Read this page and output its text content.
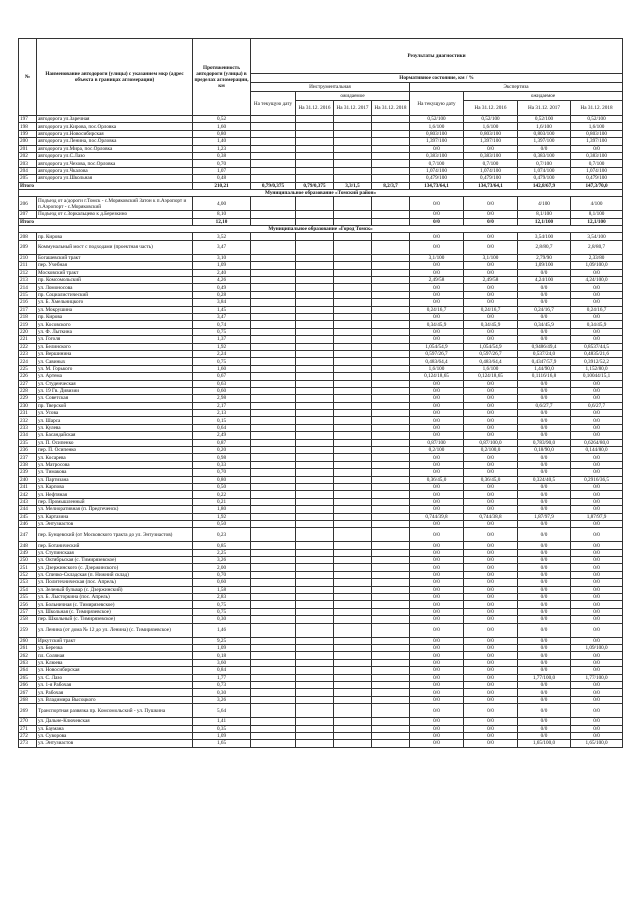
№	Наименование автодороги (улицы) с указанием мкр (адрес объекта в границах агломерации)	Протяженность автодороги (улицы) в пределах агломерации, км	Результаты диагностики							
			Нормативное состояние, км / %							
			Инструментальная				Экспертиза			
			На текущую дату	ожидаемое			На текущую дату	ожидаемое		
				На 31.12. 2016	На 31.12. 2017	На 31.12. 2018		На 31.12. 2016	На 31.12. 2017	На 31.12. 2018
197	автодорога ул.Заречная	0,52					0,52/100	0,52/100	0,52/100	0,52/100
198	автодорога ул.Кирова, пос.Орловка	1,60					1,6/100	1,6/100	1,6/100	1,6/100
199	автодорога ул.Новосибирская	0,80					0,803/100	0,803/100	0,803/100	0,803/100
200	автодорога ул.Ленина, пос.Орловка	1,40					1,397/100	1,397/100	1,397/100	1,397/100
201	автодорога ул.Мира, пос.Орловка	1,23					0/0	0/0	0/0	0/0
202	автодорога ул.С.Лазо	0,38					0,383/100	0,383/100	0,383/100	0,383/100
203	автодорога ул.Чехова, пос.Орловка	0,70					0,7/100	0,7/100	0,7/100	0,7/100
204	автодорога ул.Чкалова	1,07					1,074/100	1,074/100	1,074/100	1,074/100
205	автодорога ул.Школьная	0,48					0,479/100	0,479/100	0,479/100	0,479/100
Итого		210,21	0,79/0,375	0,79/0,375	3,3/1,5	8,2/3,7	134,73/64,1	134,73/64,1	142,8/67,9	147,3/70,0
Муниципальное образование «Томский район»										
206	Подъезд от а/дороги г.Томск - с.Моряковский Затон к п.Аэропорт и п.Аэропорт - с.Моряковский	4,00					0/0	0/0	4/100	4/100
207	Подъезд от с.Зоркальцево к д.Березкино	8,10					0/0	0/0	8,1/100	8,1/100
Итого		12,10					0/0	0/0	12,1/100	12,1/100
Муниципальное образование «Город Томск»										
208	пр. Кирова	3,52					0/0	0/0	3,54/100	3,54/100
209	Коммунальный мост с подходами (проектная часть)	3,47					0/0	0/0	2,8/80,7	2,8/80,7
210	Богашевский тракт	3,10					3,1/100	3,1/100	2,79/90	2,33/80
211	пер. Учебная	1,09					0/0	0/0	1,09/100	1,09/100,0
212	Московский тракт	2,40					0/0	0/0	0/0	0/0
213	пр. Комсомольский	4,26					2,49/58	2,49/58	4,24/100	4,24/100,0
214	ул. Ломоносова	0,49					0/0	0/0	0/0	0/0
215	пр. Социалистический	0,28					0/0	0/0	0/0	0/0
216	ул. Б. Хмельницкого	3,84					0/0	0/0	0/0	0/0
217	ул. Мокрушина	1,45					0,24/16,7	0,24/16,7	0,24/16,7	0,24/16,7
218	пр. Кирова	3,47					0/0	0/0	0/0	0/0
219	ул. Косовского	0,74					0,34/45,9	0,34/45,9	0,34/45,9	0,34/45,9
220	ул. Ф. Лыткина	0,75					0/0	0/0	0/0	0/0
221	ул. Гоголя	1,37					0/0	0/0	0/0	0/0
222	ул. Белинского	1,92					1,054/54,9	1,054/54,9	0,9486/49,4	0,8537/44,5
223	ул. Вершинина	2,24					0,597/26,7	0,597/26,7	0,537/24,0	0,4835/21,6
224	ул. Савиных	0,75					0,483/64,4	0,483/64,4	0,4347/57,9	0,3912/52,2
225	ул. М. Горького	1,60					1,6/100	1,6/100	1,44/90,0	1,152/80,0
226	ул. Артема	0,67					0,124/18,65	0,124/18,65	0,1116/16,8	0,10044/15,1
227	ул. Студенческая	0,63					0/0	0/0	0/0	0/0
228	ул. 19 Гв. Дивизии	0,60					0/0	0/0	0/0	0/0
229	ул. Советская	2,98					0/0	0/0	0/0	0/0
230	пр. Тверской	2,17					0/0	0/0	0,6/27,7	0,6/27,7
231	ул. Усова	2,13					0/0	0/0	0/0	0/0
232	ул. Шарса	0,15					0/0	0/0	0/0	0/0
233	ул. Кулева	0,64					0/0	0/0	0/0	0/0
234	ул. Басандайская	2,49					0/0	0/0	0/0	0/0
235	ул. П. Осипенко	0,87					0,87/100	0,87/100,0	0,783/90,0	0,6264/80,0
236	пер. П. Осипенко	0,20					0,2/100	0,2/100,0	0,18/90,0	0,144/80,0
237	ул. Косарева	0,98					0/0	0/0	0/0	0/0
238	ул. Матросова	0,33					0/0	0/0	0/0	0/0
239	ул. Тимакова	0,70					0/0	0/0	0/0	0/0
240	ул. Партизана	0,80					0,36/45,0	0,36/45,0	0,324/40,5	0,2916/36,5
241	ул. Карпова	0,50					0/0	0/0	0/0	0/0
242	ул. Нефтяная	0,22					0/0	0/0	0/0	0/0
243	пер. Промышленный	0,21					0/0	0/0	0/0	0/0
244	ул. Мелиоративная (п. Предтеченск)	1,80					0/0	0/0	0/0	0/0
245	ул. Картазина	1,92					0,744/39,8	0,744/38,8	1,87/97,9	1,87/97,9
246	ул. Энтузиастов	0,50					0/0	0/0	0/0	0/0
247	пер. Бунцевский (от Московского тракта до ул. Энтузиастов)	0,23					0/0	0/0	0/0	0/0
248	пер. Ботанический	0,85					0/0	0/0	0/0	0/0
249	ул. Ступинскаая	2,25					0/0	0/0	0/0	0/0
250	ул. Октябрьская (с. Тимирязевское)	3,26					0/0	0/0	0/0	0/0
251	ул. Дзержинского (с. Дзержинского)	2,00					0/0	0/0	0/0	0/0
252	ул. Спичко-Складская (п. Нижний склад)	0,70					0/0	0/0	0/0	0/0
253	ул. Политехническая (пос. Апрель)	0,60					0/0	0/0	0/0	0/0
254	ул. Зеленый бульвар (с. Дзержинский)	1,58					0/0	0/0	0/0	0/0
255	ул. Б. Лысторкина (пос. Апрель)	2,83					0/0	0/0	0/0	0/0
256	ул. Больничная (с. Тимирязевское)	0,75					0/0	0/0	0/0	0/0
257	ул. Школьная (с. Тимирязевское)	0,75					0/0	0/0	0/0	0/0
258	пер. Школьный (с. Тимирязевское)	0,30					0/0	0/0	0/0	0/0
259	ул. Ленина (от дома № 12 до ул. Ленина) (с. Тимирязевское)	1,46					0/0	0/0	0/0	0/0
260	Иркутский тракт	9,25					0/0	0/0	0/0	0/0
261	ул. Березка	1,09					0/0	0/0	0/0	1,09/100,0
262	пл. Соляная	0,18					0/0	0/0	0/0	0/0
263	ул. Клюева	3,60					0/0	0/0	0/0	0/0
264	ул. Новосибирская	0,84					0/0	0/0	0/0	0/0
265	ул. С. Лазо	1,77					0/0	0/0	1,77/100,0	1,77/100,0
266	ул. 1-я Рабочая	0,73					0/0	0/0	0/0	0/0
267	ул. Рабочая	0,30					0/0	0/0	0/0	0/0
268	ул. Владимира Высоцкого	3,26					0/0	0/0	0/0	0/0
269	Транспортная развязка пр. Комсомольский - ул. Пушкина	5,64					0/0	0/0	0/0	0/0
270	ул. Дальне-Ключевская	1,41					0/0	0/0	0/0	0/0
271	ул. Баумана	0,35					0/0	0/0	0/0	0/0
272	ул. Суворова	1,09					0/0	0/0	0/0	0/0
273	ул. Энтузиастов	1,65					0/0	0/0	1,65/100,0	1,65/100,0
